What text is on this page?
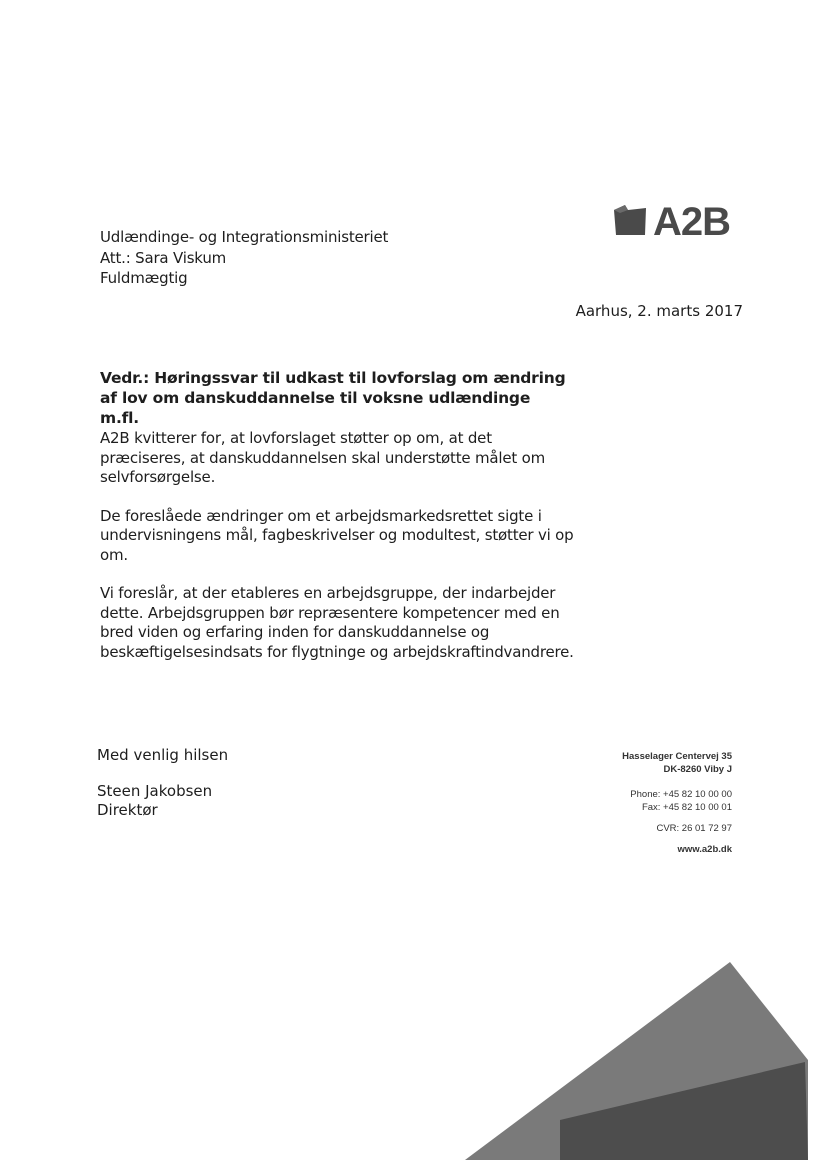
A2B
Udlændinge- og Integrationsministeriet
Att.: Sara Viskum
Fuldmægtig
Aarhus, 2. marts 2017
Vedr.: Høringssvar til udkast til lovforslag om ændring af lov om danskuddannelse til voksne udlændinge m.fl.

A2B kvitterer for, at lovforslaget støtter op om, at det præciseres, at danskuddannelsen skal understøtte målet om selvforsørgelse.

De foreslåede ændringer om et arbejdsmarkedsrettet sigte i undervisningens mål, fagbeskrivelser og modultest, støtter vi op om.

Vi foreslår, at der etableres en arbejdsgruppe, der indarbejder dette. Arbejdsgruppen bør repræsentere kompetencer med en bred viden og erfaring inden for danskuddannelse og beskæftigelsesindsats for flygtninge og arbejdskraftindvandrere.

Med venlig hilsen
Steen Jakobsen
Direktør
Hasselager Centervej 35
DK-8260 Viby J
Phone: +45 82 10 00 00
Fax: +45 82 10 00 01
CVR: 26 01 72 97
www.a2b.dk
